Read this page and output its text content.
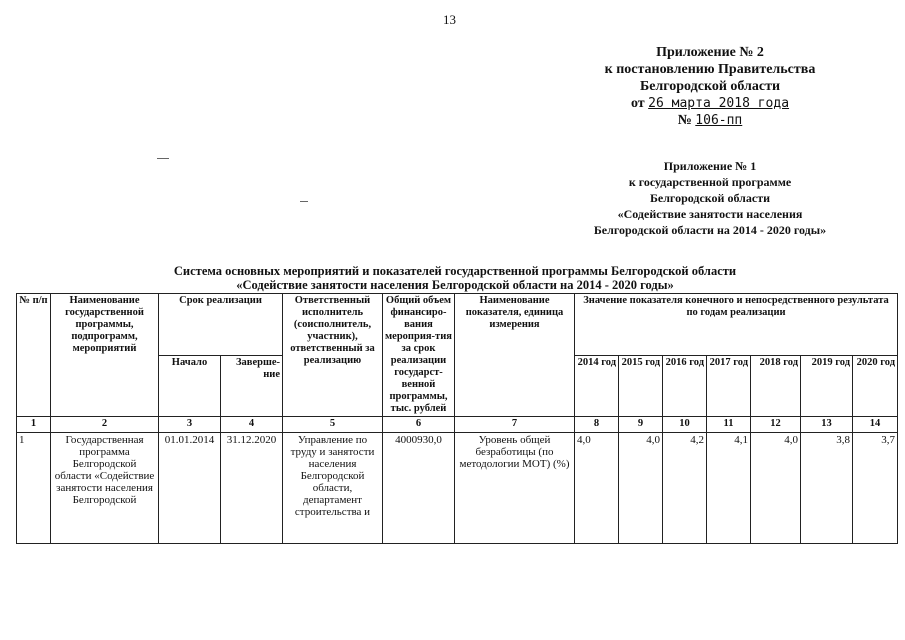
13
Приложение № 2
к постановлению Правительства
Белгородской области
от 26 марта 2018 года
№ 106-пп
Приложение № 1
к государственной программе
Белгородской области
«Содействие занятости населения
Белгородской области на 2014 - 2020 годы»
Система основных мероприятий и показателей государственной программы Белгородской области
«Содействие занятости населения Белгородской области на 2014 - 2020 годы»
№ п/п	Наименование государственной программы, подпрограмм, мероприятий	Срок реализации		Ответственный исполнитель (соисполнитель, участник), ответственный за реализацию	Общий объем финансиро-вания мероприя-тия за срок реализации государст-венной программы, тыс. рублей	Наименование показателя, единица измерения	Значение показателя конечного и непосредственного результата по годам реализации						
		Начало	Заверше-ние				2014 год	2015 год	2016 год	2017 год	2018 год	2019 год	2020 год
1	2	3	4	5	6	7	8	9	10	11	12	13	14
1	Государственная программа Белгородской области «Содействие занятости населения Белгородской	01.01.2014	31.12.2020	Управление по труду и занятости населения Белгородской области, департамент строительства и	4000930,0	Уровень общей безработицы (по методологии МОТ) (%)	4,0	4,0	4,2	4,1	4,0	3,8	3,7
